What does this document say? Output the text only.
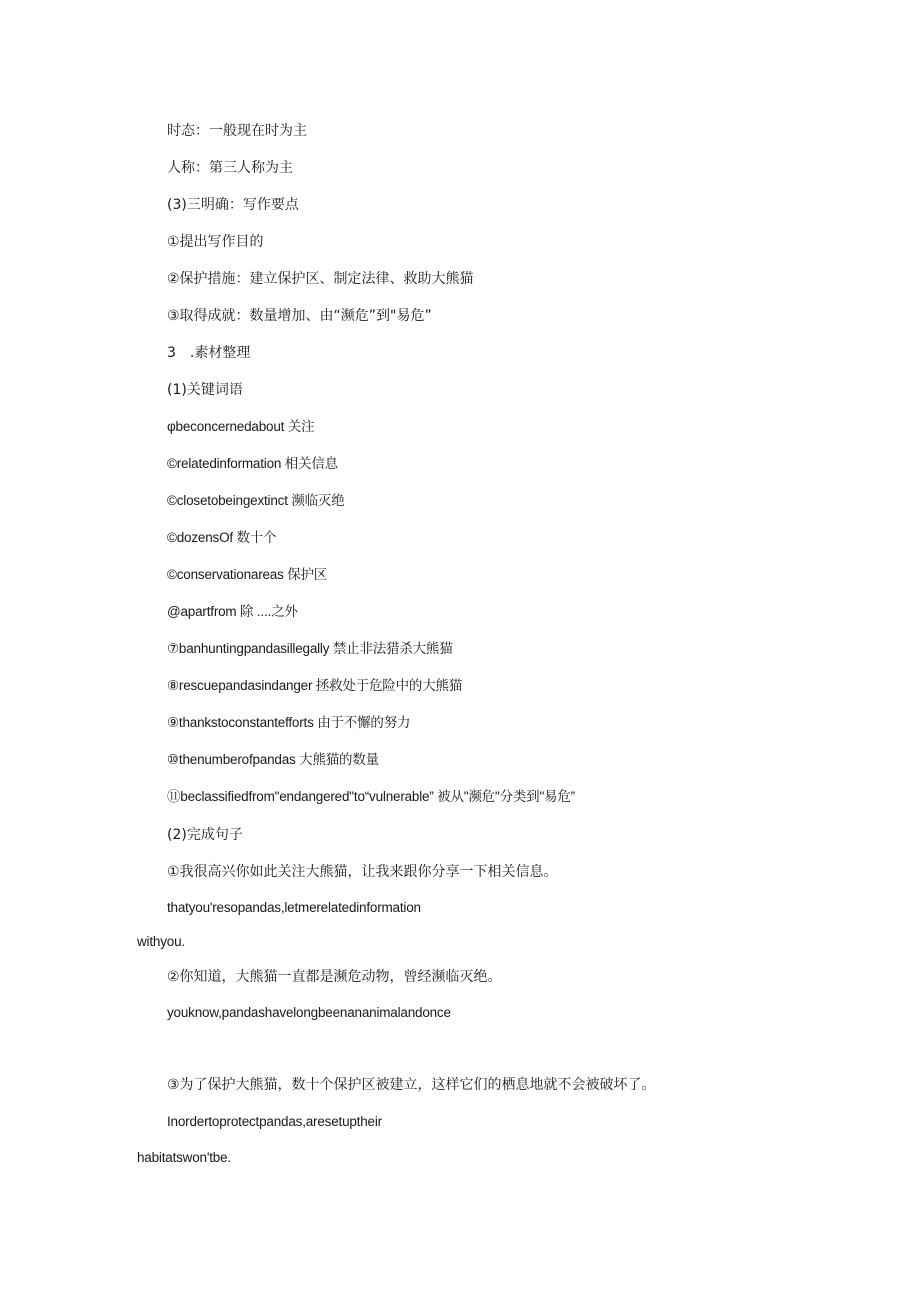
时态：一般现在时为主
人称：第三人称为主
(3)三明确：写作要点
①提出写作目的
②保护措施：建立保护区、制定法律、救助大熊猫
③取得成就：数量增加、由“濒危”到"易危”
3　.素材整理
(1)关键词语
φbeconcernedabout 关注
©relatedinformation 相关信息
©closetobeingextinct 濒临灭绝
©dozensOf 数十个
©conservationareas 保护区
@apartfrom 除 ....之外
⑦banhuntingpandasillegally 禁止非法猎杀大熊猫
⑧rescuepandasindanger 拯救处于危险中的大熊猫
⑨thankstoconstantefforts 由于不懈的努力
⑩thenumberofpandas 大熊猫的数量
⑪beclassifiedfrom"endangered"to“vulnerable” 被从"濒危"分类到"易危”
(2)完成句子
①我很高兴你如此关注大熊猫，让我来跟你分享一下相关信息。
thatyou'resopandas,letmerelatedinformation
withyou.
②你知道，大熊猫一直都是濒危动物，曾经濒临灭绝。
youknow,pandashavelongbeenananimalandonce
③为了保护大熊猫，数十个保护区被建立，这样它们的栖息地就不会被破坏了。
Inordertoprotectpandas,aresetuptheir
habitatswon'tbe.
